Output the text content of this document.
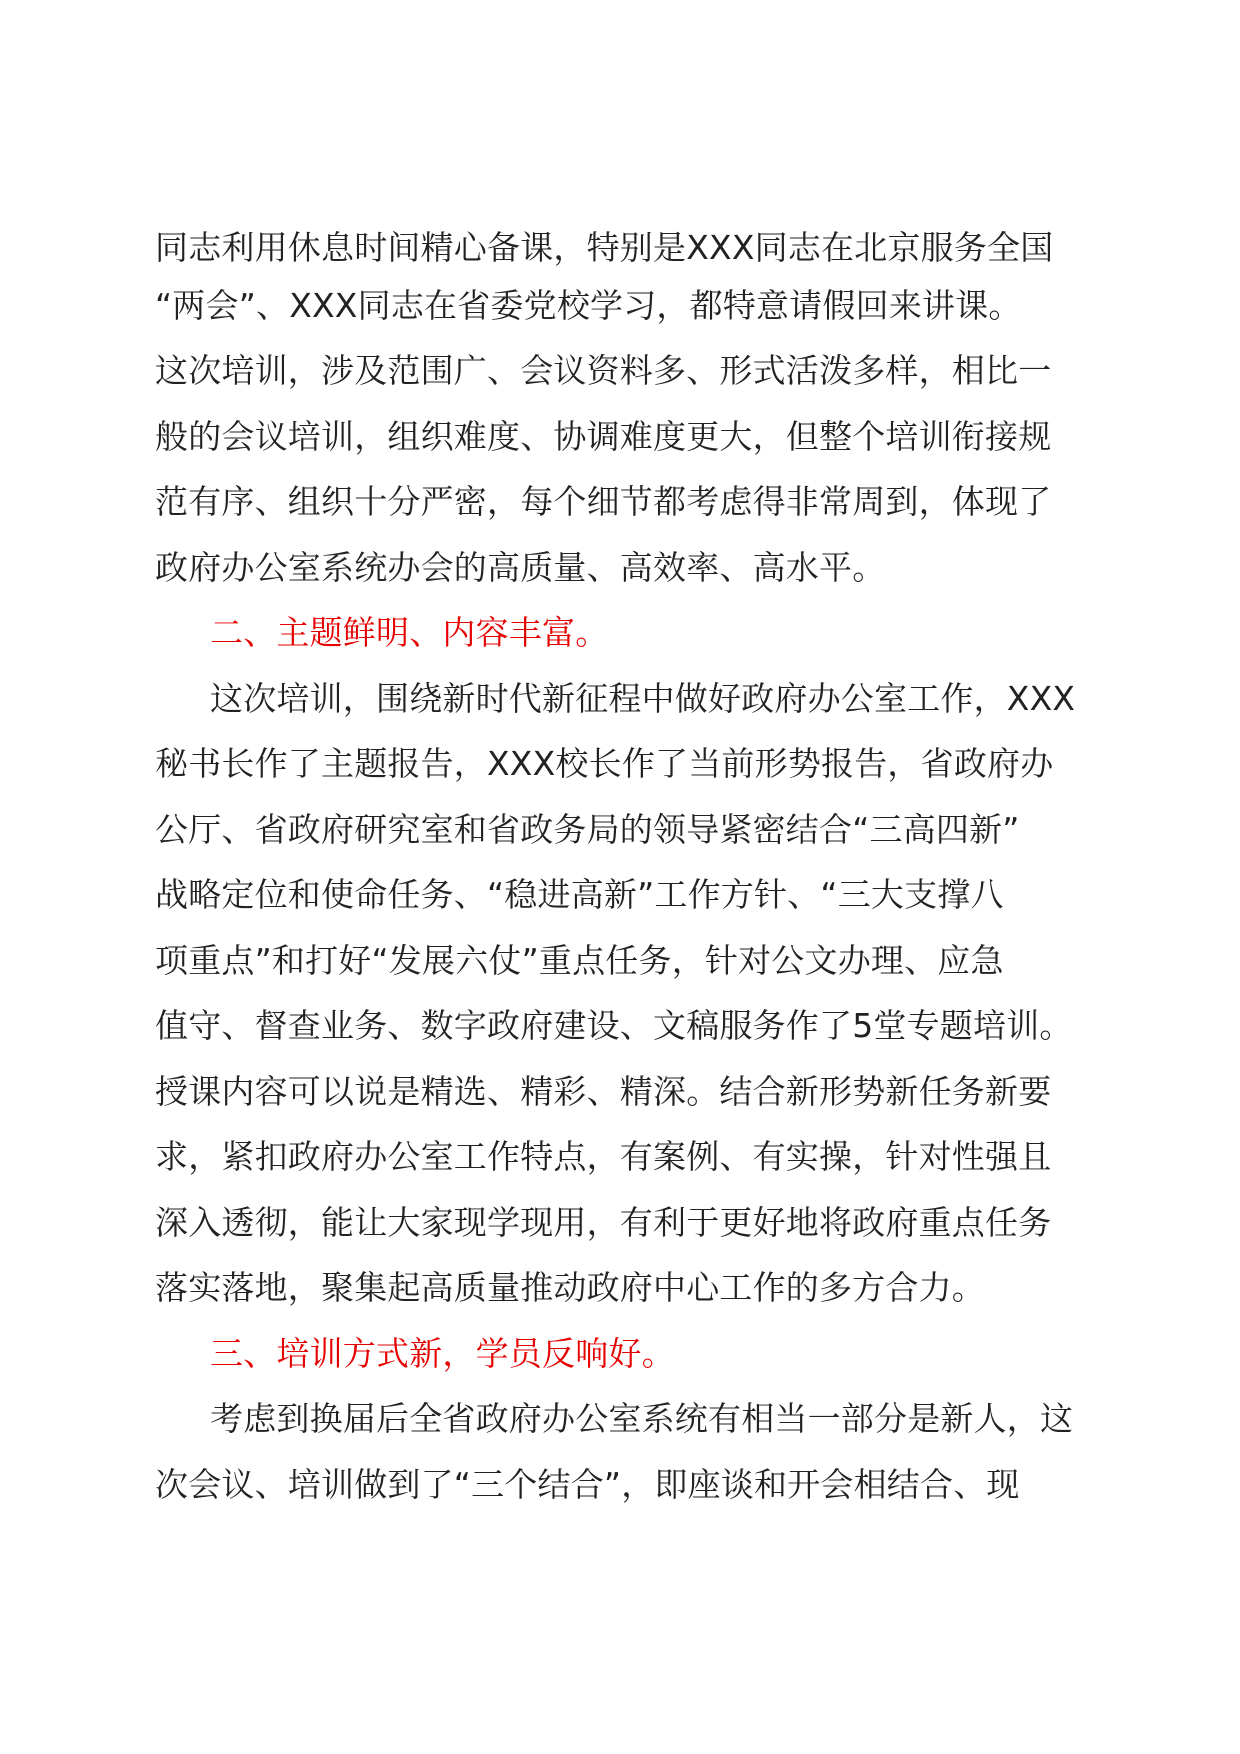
同志利用休息时间精心备课，特别是XXX同志在北京服务全国
“两会”、XXX同志在省委党校学习，都特意请假回来讲课。
这次培训，涉及范围广、会议资料多、形式活泼多样，相比一
般的会议培训，组织难度、协调难度更大，但整个培训衔接规
范有序、组织十分严密，每个细节都考虑得非常周到，体现了
政府办公室系统办会的高质量、高效率、高水平。
二、主题鲜明、内容丰富。
这次培训，围绕新时代新征程中做好政府办公室工作，XXX
秘书长作了主题报告，XXX校长作了当前形势报告，省政府办
公厅、省政府研究室和省政务局的领导紧密结合“三高四新”
战略定位和使命任务、“稳进高新”工作方针、“三大支撑八
项重点”和打好“发展六仗”重点任务，针对公文办理、应急
值守、督查业务、数字政府建设、文稿服务作了5堂专题培训。
授课内容可以说是精选、精彩、精深。结合新形势新任务新要
求，紧扣政府办公室工作特点，有案例、有实操，针对性强且
深入透彻，能让大家现学现用，有利于更好地将政府重点任务
落实落地，聚集起高质量推动政府中心工作的多方合力。
三、培训方式新，学员反响好。
考虑到换届后全省政府办公室系统有相当一部分是新人，这
次会议、培训做到了“三个结合”，即座谈和开会相结合、现
